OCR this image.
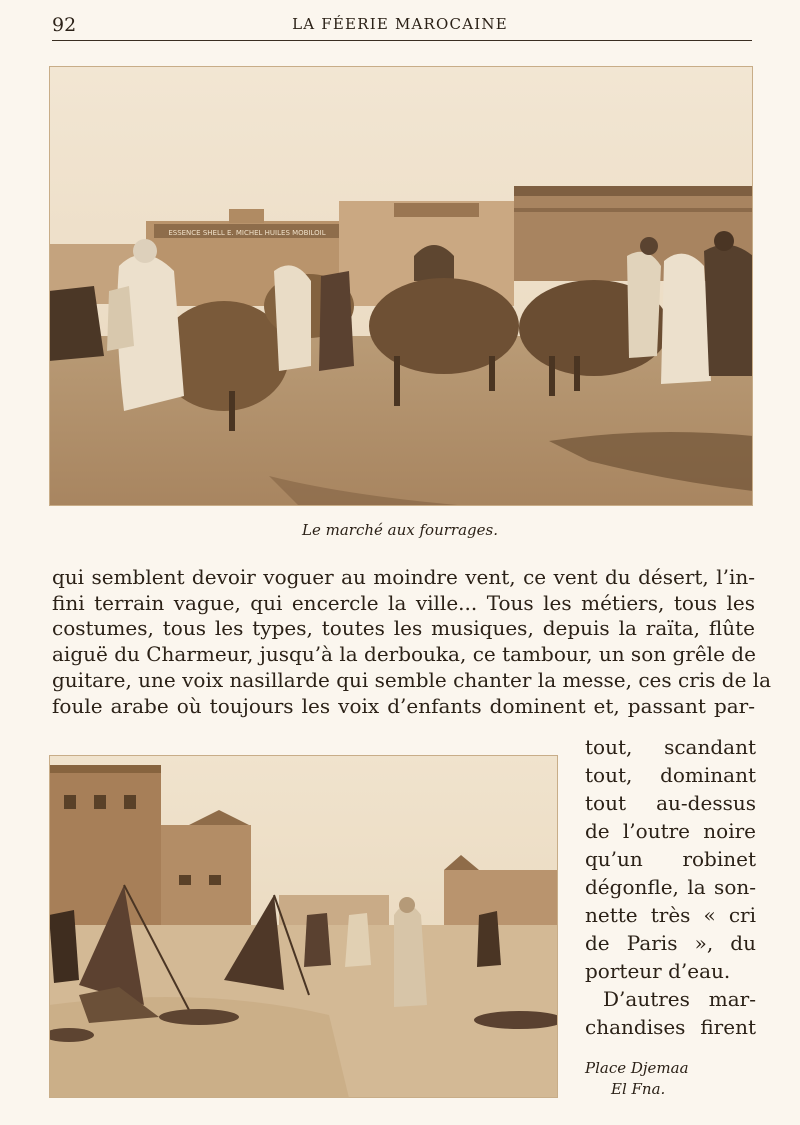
92	LA FÉERIE MAROCAINE
ESSENCE SHELL E. MICHEL HUILES MOBILOIL
Le marché aux fourrages.
qui semblent devoir voguer au moindre vent, ce vent du désert, l’in-
fini terrain vague, qui encercle la ville... Tous les métiers, tous les
costumes, tous les types, toutes les musiques, depuis la raïta, flûte
aiguë du Charmeur, jusqu’à la derbouka, ce tambour, un son grêle de
guitare, une voix nasillarde qui semble chanter la messe, ces cris de la
foule arabe où toujours les voix d’enfants dominent et, passant par-
tout, scandant
tout, dominant
tout au-dessus
de l’outre noire
qu’un robinet
dégonfle, la son-
nette très « cri
de Paris », du
porteur d’eau.
D’autres mar-
chandises firent
Place Djemaa
El Fna.
